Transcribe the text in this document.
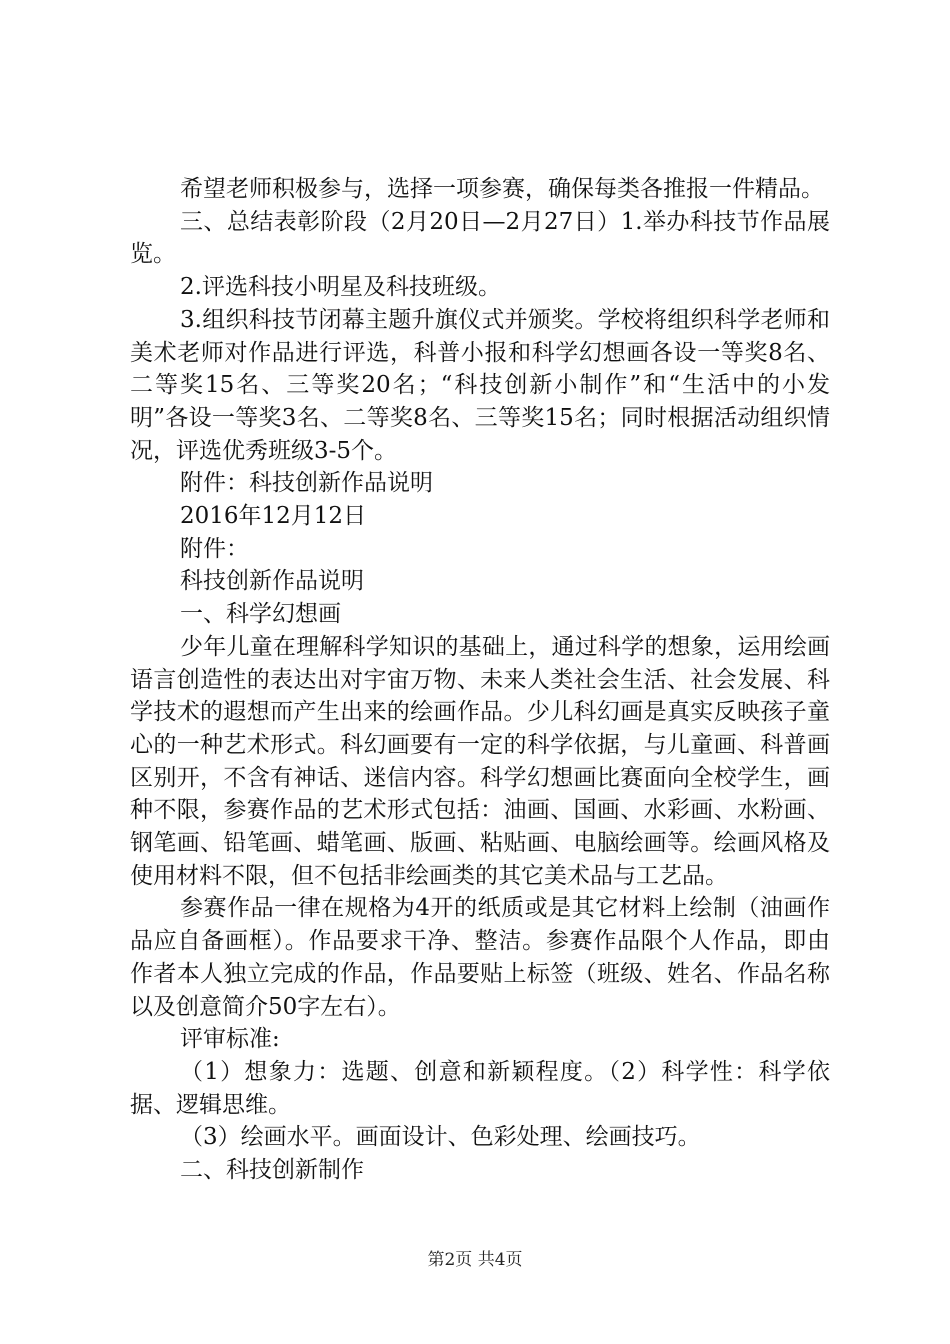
希望老师积极参与，选择一项参赛，确保每类各推报一件精品。

三、总结表彰阶段（2月20日—2月27日）1.举办科技节作品展览。

2.评选科技小明星及科技班级。

3.组织科技节闭幕主题升旗仪式并颁奖。学校将组织科学老师和美术老师对作品进行评选，科普小报和科学幻想画各设一等奖8名、二等奖15名、三等奖20名；“科技创新小制作”和“生活中的小发明”各设一等奖3名、二等奖8名、三等奖15名；同时根据活动组织情况，评选优秀班级3-5个。

附件：科技创新作品说明

2016年12月12日

附件：

科技创新作品说明

一、科学幻想画

少年儿童在理解科学知识的基础上，通过科学的想象，运用绘画语言创造性的表达出对宇宙万物、未来人类社会生活、社会发展、科学技术的遐想而产生出来的绘画作品。少儿科幻画是真实反映孩子童心的一种艺术形式。科幻画要有一定的科学依据，与儿童画、科普画区别开，不含有神话、迷信内容。科学幻想画比赛面向全校学生，画种不限，参赛作品的艺术形式包括：油画、国画、水彩画、水粉画、钢笔画、铅笔画、蜡笔画、版画、粘贴画、电脑绘画等。绘画风格及使用材料不限，但不包括非绘画类的其它美术品与工艺品。

参赛作品一律在规格为4开的纸质或是其它材料上绘制（油画作品应自备画框）。作品要求干净、整洁。参赛作品限个人作品，即由作者本人独立完成的作品，作品要贴上标签（班级、姓名、作品名称以及创意简介50字左右）。

评审标准:

（1）想象力：选题、创意和新颖程度。（2）科学性：科学依据、逻辑思维。

（3）绘画水平。画面设计、色彩处理、绘画技巧。

二、科技创新制作

第2页 共4页
